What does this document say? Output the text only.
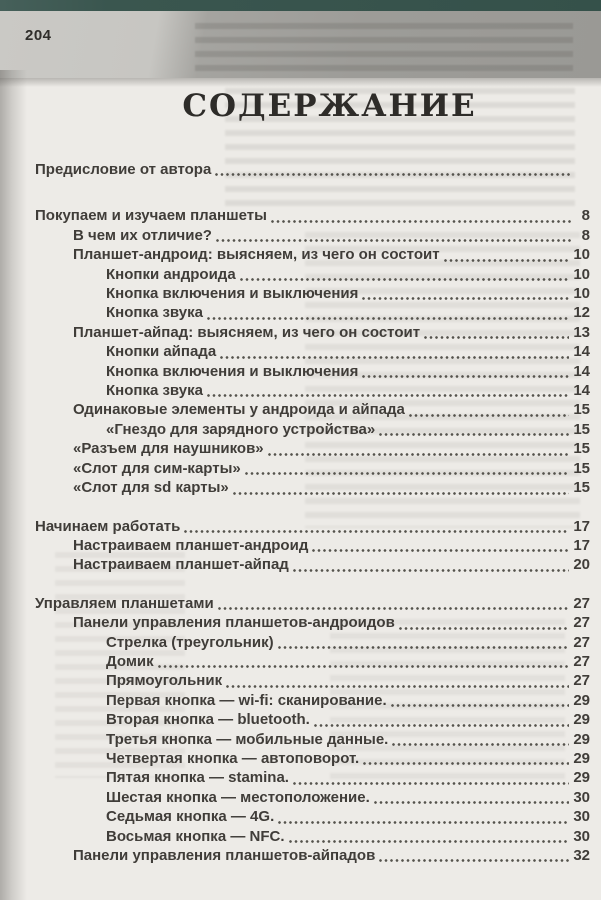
204
СОДЕРЖАНИЕ
Предисловие от автора
Покупаем и изучаем планшеты	8
В чем их отличие?	8
Планшет-андроид: выясняем, из чего он состоит	10
Кнопки андроида	10
Кнопка включения и выключения	10
Кнопка звука	12
Планшет-айпад: выясняем, из чего он состоит	13
Кнопки айпада	14
Кнопка включения и выключения	14
Кнопка звука	14
Одинаковые элементы у андроида и айпада	15
«Гнездо для зарядного устройства»	15
«Разъем для наушников»	15
«Слот для сим-карты»	15
«Слот для sd карты»	15
Начинаем работать	17
Настраиваем планшет-андроид	17
Настраиваем планшет-айпад	20
Управляем планшетами	27
Панели управления планшетов-андроидов	27
Стрелка (треугольник)	27
Домик	27
Прямоугольник	27
Первая кнопка — wi-fi: сканирование.	29
Вторая кнопка — bluetooth.	29
Третья кнопка — мобильные данные.	29
Четвертая кнопка — автоповорот.	29
Пятая кнопка — stamina.	29
Шестая кнопка — местоположение.	30
Седьмая кнопка — 4G.	30
Восьмая кнопка — NFC.	30
Панели управления планшетов-айпадов	32
